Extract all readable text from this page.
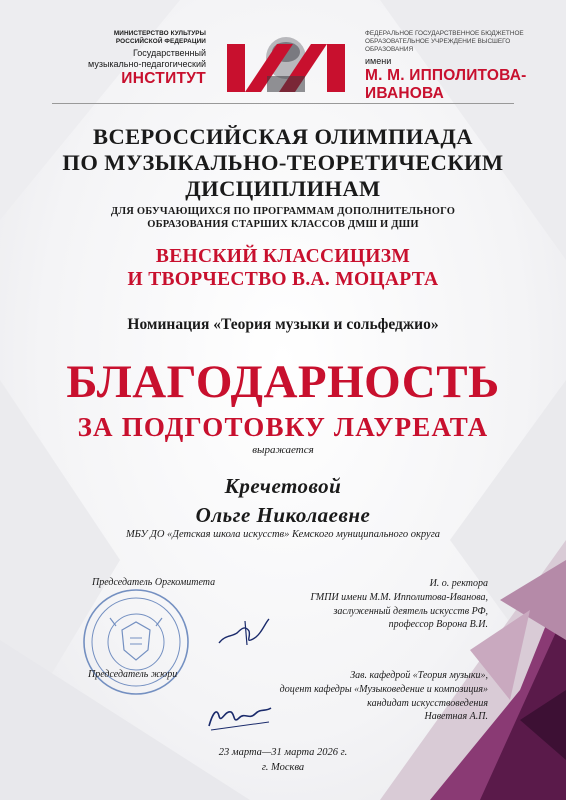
МИНИСТЕРСТВО КУЛЬТУРЫ
РОССИЙСКОЙ ФЕДЕРАЦИИ
Государственный
музыкально-педагогический
ИНСТИТУТ
ФЕДЕРАЛЬНОЕ ГОСУДАРСТВЕННОЕ БЮДЖЕТНОЕ
ОБРАЗОВАТЕЛЬНОЕ УЧРЕЖДЕНИЕ ВЫСШЕГО ОБРАЗОВАНИЯ
имени
М. М. ИППОЛИТОВА-
ИВАНОВА
ВСЕРОССИЙСКАЯ ОЛИМПИАДА
ПО МУЗЫКАЛЬНО-ТЕОРЕТИЧЕСКИМ
ДИСЦИПЛИНАМ
ДЛЯ ОБУЧАЮЩИХСЯ ПО ПРОГРАММАМ ДОПОЛНИТЕЛЬНОГО
ОБРАЗОВАНИЯ СТАРШИХ КЛАССОВ ДМШ И ДШИ
ВЕНСКИЙ КЛАССИЦИЗМ
И ТВОРЧЕСТВО В.А. МОЦАРТА
Номинация «Теория музыки и сольфеджио»
БЛАГОДАРНОСТЬ
ЗА ПОДГОТОВКУ ЛАУРЕАТА
выражается
Кречетовой
Ольге Николаевне
МБУ ДО «Детская школа искусств» Кемского муниципального округа
Председатель Оргкомитета
Председатель жюри
И. о. ректора
ГМПИ имени М.М. Ипполитова-Иванова,
заслуженный деятель искусств РФ,
профессор Ворона В.И.
Зав. кафедрой «Теория музыки»,
доцент кафедры «Музыковедение и композиция»
кандидат искусствоведения
Наветная А.П.
23 марта—31 марта 2026 г.
г. Москва
